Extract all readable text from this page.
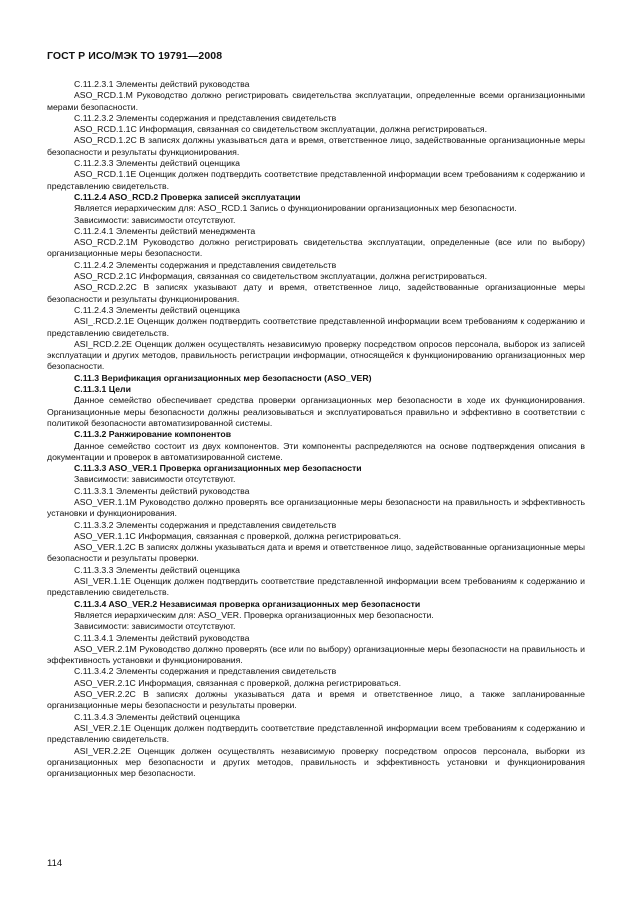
ГОСТ Р ИСО/МЭК ТО 19791—2008

C.11.2.3.1 Элементы действий руководства

ASO_RCD.1.M Руководство должно регистрировать свидетельства эксплуатации, определенные всеми организационными мерами безопасности.

C.11.2.3.2 Элементы содержания и представления свидетельств

ASO_RCD.1.1C Информация, связанная со свидетельством эксплуатации, должна регистрироваться.

ASO_RCD.1.2C В записях должны указываться дата и время, ответственное лицо, задействованные организационные меры безопасности и результаты функционирования.

C.11.2.3.3 Элементы действий оценщика

ASO_RCD.1.1E Оценщик должен подтвердить соответствие представленной информации всем требованиям к содержанию и представлению свидетельств.

C.11.2.4 ASO_RCD.2 Проверка записей эксплуатации

Является иерархическим для: ASO_RCD.1 Запись о функционировании организационных мер безопасности.

Зависимости: зависимости отсутствуют.

C.11.2.4.1 Элементы действий менеджмента

ASO_RCD.2.1M Руководство должно регистрировать свидетельства эксплуатации, определенные (все или по выбору) организационные меры безопасности.

C.11.2.4.2 Элементы содержания и представления свидетельств

ASO_RCD.2.1C Информация, связанная со свидетельством эксплуатации, должна регистрироваться.

ASO_RCD.2.2C В записях указывают дату и время, ответственное лицо, задействованные организационные меры безопасности и результаты функционирования.

C.11.2.4.3 Элементы действий оценщика

ASI_.RCD.2.1E Оценщик должен подтвердить соответствие представленной информации всем требованиям к содержанию и представлению свидетельств.

ASI_RCD.2.2E Оценщик должен осуществлять независимую проверку посредством опросов персонала, выборок из записей эксплуатации и других методов, правильность регистрации информации, относящейся к функционированию организационных мер безопасности.

C.11.3 Верификация организационных мер безопасности (ASO_VER)

C.11.3.1 Цели

Данное семейство обеспечивает средства проверки организационных мер безопасности в ходе их функционирования. Организационные меры безопасности должны реализовываться и эксплуатироваться правильно и эффективно в соответствии с политикой безопасности автоматизированной системы.

C.11.3.2 Ранжирование компонентов

Данное семейство состоит из двух компонентов. Эти компоненты распределяются на основе подтверждения описания в документации и проверок в автоматизированной системе.

C.11.3.3 ASO_VER.1 Проверка организационных мер безопасности

Зависимости: зависимости отсутствуют.

C.11.3.3.1 Элементы действий руководства

ASO_VER.1.1M Руководство должно проверять все организационные меры безопасности на правильность и эффективность установки и функционирования.

C.11.3.3.2 Элементы содержания и представления свидетельств

ASO_VER.1.1C Информация, связанная с проверкой, должна регистрироваться.

ASO_VER.1.2C В записях должны указываться дата и время и ответственное лицо, задействованные организационные меры безопасности и результаты проверки.

C.11.3.3.3 Элементы действий оценщика

ASI_VER.1.1E Оценщик должен подтвердить соответствие представленной информации всем требованиям к содержанию и представлению свидетельств.

C.11.3.4 ASO_VER.2 Независимая проверка организационных мер безопасности

Является иерархическим для: ASO_VER. Проверка организационных мер безопасности.

Зависимости: зависимости отсутствуют.

C.11.3.4.1 Элементы действий руководства

ASO_VER.2.1M Руководство должно проверять (все или по выбору) организационные меры безопасности на правильность и эффективность установки и функционирования.

C.11.3.4.2 Элементы содержания и представления свидетельств

ASO_VER.2.1C Информация, связанная с проверкой, должна регистрироваться.

ASO_VER.2.2C В записях должны указываться дата и время и ответственное лицо, а также запланированные организационные меры безопасности и результаты проверки.

C.11.3.4.3 Элементы действий оценщика

ASI_VER.2.1E Оценщик должен подтвердить соответствие представленной информации всем требованиям к содержанию и представлению свидетельств.

ASI_VER.2.2E Оценщик должен осуществлять независимую проверку посредством опросов персонала, выборки из организационных мер безопасности и других методов, правильность и эффективность установки и функционирования организационных мер безопасности.

114
